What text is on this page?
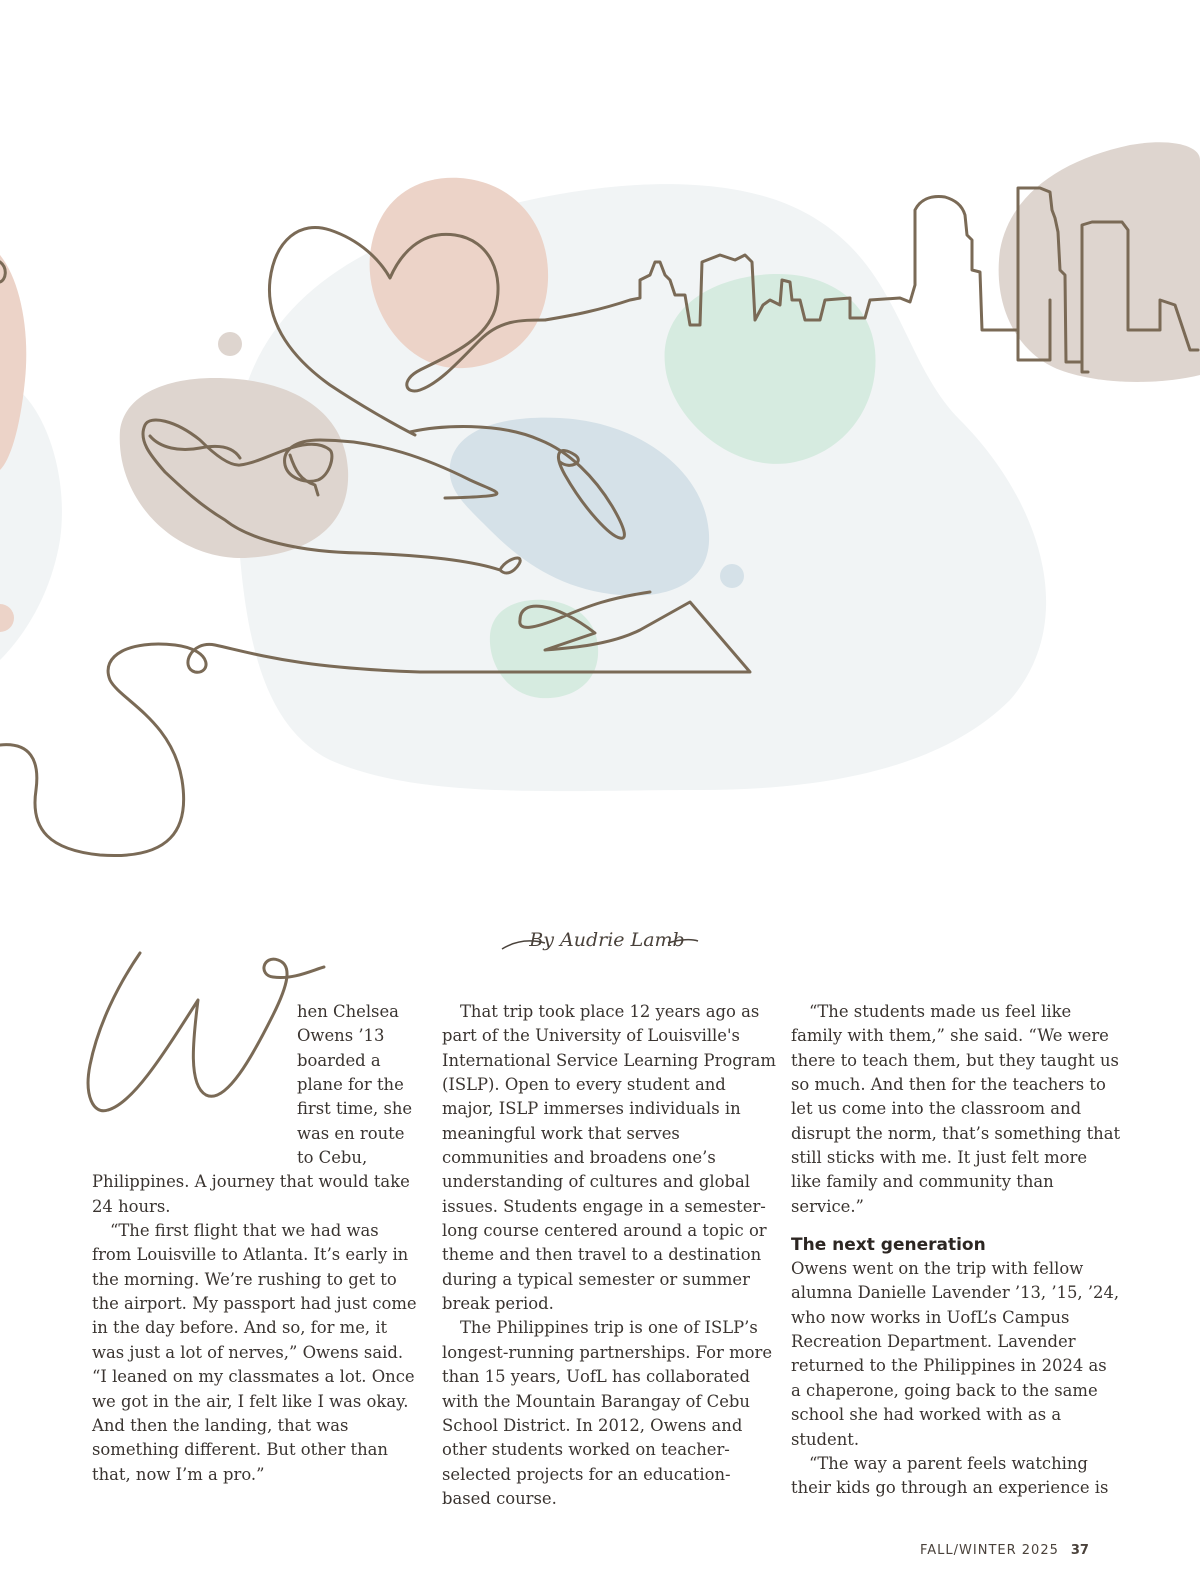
By Audrie Lamb

hen Chelsea Owens ’13 boarded a plane for the first time, she was en route to Cebu, Philippines. A journey that would take 24 hours.

“The first flight that we had was from Louisville to Atlanta. It’s early in the morning. We’re rushing to get to the airport. My passport had just come in the day before. And so, for me, it was just a lot of nerves,” Owens said. “I leaned on my classmates a lot. Once we got in the air, I felt like I was okay. And then the landing, that was something different. But other than that, now I’m a pro.”

That trip took place 12 years ago as part of the University of Louisville's International Service Learning Program (ISLP). Open to every student and major, ISLP immerses individuals in meaningful work that serves communities and broadens one’s understanding of cultures and global issues. Students engage in a semester-long course centered around a topic or theme and then travel to a destination during a typical semester or summer break period.

The Philippines trip is one of ISLP’s longest-running partnerships. For more than 15 years, UofL has collaborated with the Mountain Barangay of Cebu School District. In 2012, Owens and other students worked on teacher-selected projects for an education-based course.

“The students made us feel like family with them,” she said. “We were there to teach them, but they taught us so much. And then for the teachers to let us come into the classroom and disrupt the norm, that’s something that still sticks with me. It just felt more like family and community than service.”

The next generation

Owens went on the trip with fellow alumna Danielle Lavender ’13, ’15, ’24, who now works in UofL’s Campus Recreation Department. Lavender returned to the Philippines in 2024 as a chaperone, going back to the same school she had worked with as a student.

“The way a parent feels watching their kids go through an experience is

FALL/WINTER 2025 37
